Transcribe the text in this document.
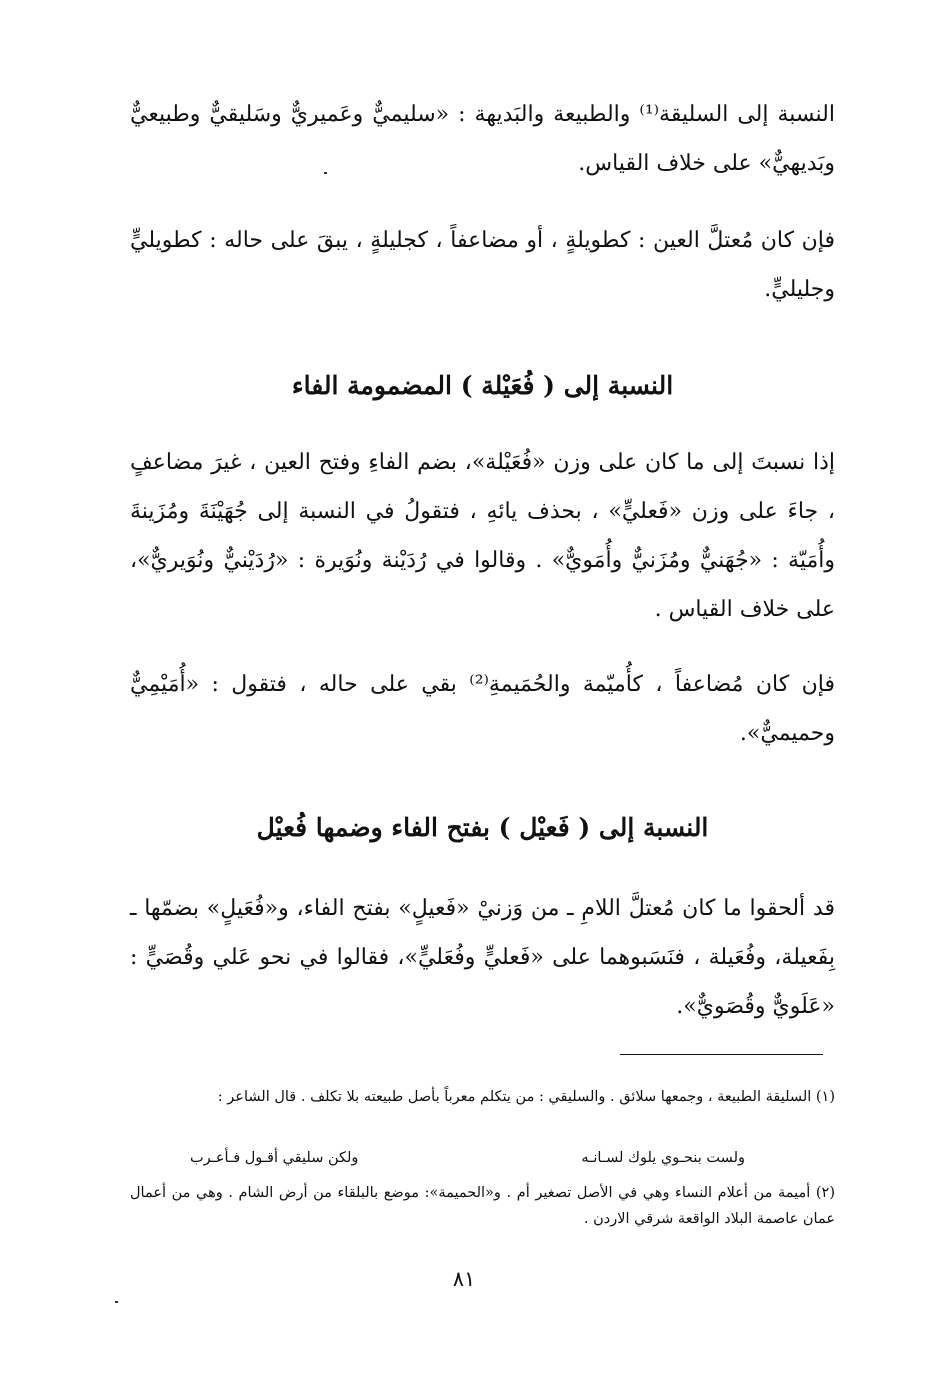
النسبة إلى السليقة⁽¹⁾ والطبيعة والبَديهة : «سليميٌّ وعَميريٌّ وسَليقيٌّ وطبيعيٌّ وبَديهيٌّ» على خلاف القياس.

فإن كان مُعتلَّ العين : كطويلةٍ ، أو مضاعفاً ، كجليلةٍ ، يبقَ على حاله : كطويليٍّ وجليليٍّ.

النسبة إلى ( فُعَيْلة ) المضمومة الفاء

إذا نسبتَ إلى ما كان على وزن «فُعَيْلة»، بضم الفاءِ وفتح العين ، غيرَ مضاعفٍ ، جاءَ على وزن «فَعليٍّ» ، بحذف يائهِ ، فتقولُ في النسبة إلى جُهَيْنَةَ ومُزَينةَ وأُمَيّة : «جُهَنيٌّ ومُزَنيٌّ وأُمَويٌّ» . وقالوا في رُدَيْنة ونُوَيرة : «رُدَيْنيٌّ ونُوَيريٌّ»، على خلاف القياس .

فإن كان مُضاعفاً ، كأُميّمة والحُمَيمةِ⁽²⁾ بقي على حاله ، فتقول : «أُمَيْمِيٌّ وحميميٌّ».

النسبة إلى ( فَعيْل ) بفتح الفاء وضمها فُعيْل

قد ألحقوا ما كان مُعتلَّ اللامِ ـ من وَزنيْ «فَعيلٍ» بفتح الفاء، و«فُعَيلٍ» بضمّها ـ بِفَعيلة، وفُعَيلة ، فنَسَبوهما على «فَعليٍّ وفُعَليٍّ»، فقالوا في نحو عَلي وقُصَيٍّ : «عَلَويٌّ وقُصَويٌّ».

(١) السليقة الطبيعة ، وجمعها سلائق . والسليقي : من يتكلم معرباً بأصل طبيعته بلا تكلف . قال الشاعر :

ولست بنحـوي يلوك لسـانـه
ولكن سليقي أقـول فـأعـرب

(٢) أميمة من أعلام النساء وهي في الأصل تصغير أم . و«الحميمة»: موضع بالبلقاء من أرض الشام . وهي من أعمال عمان عاصمة البلاد الواقعة شرقي الاردن .

٨١
